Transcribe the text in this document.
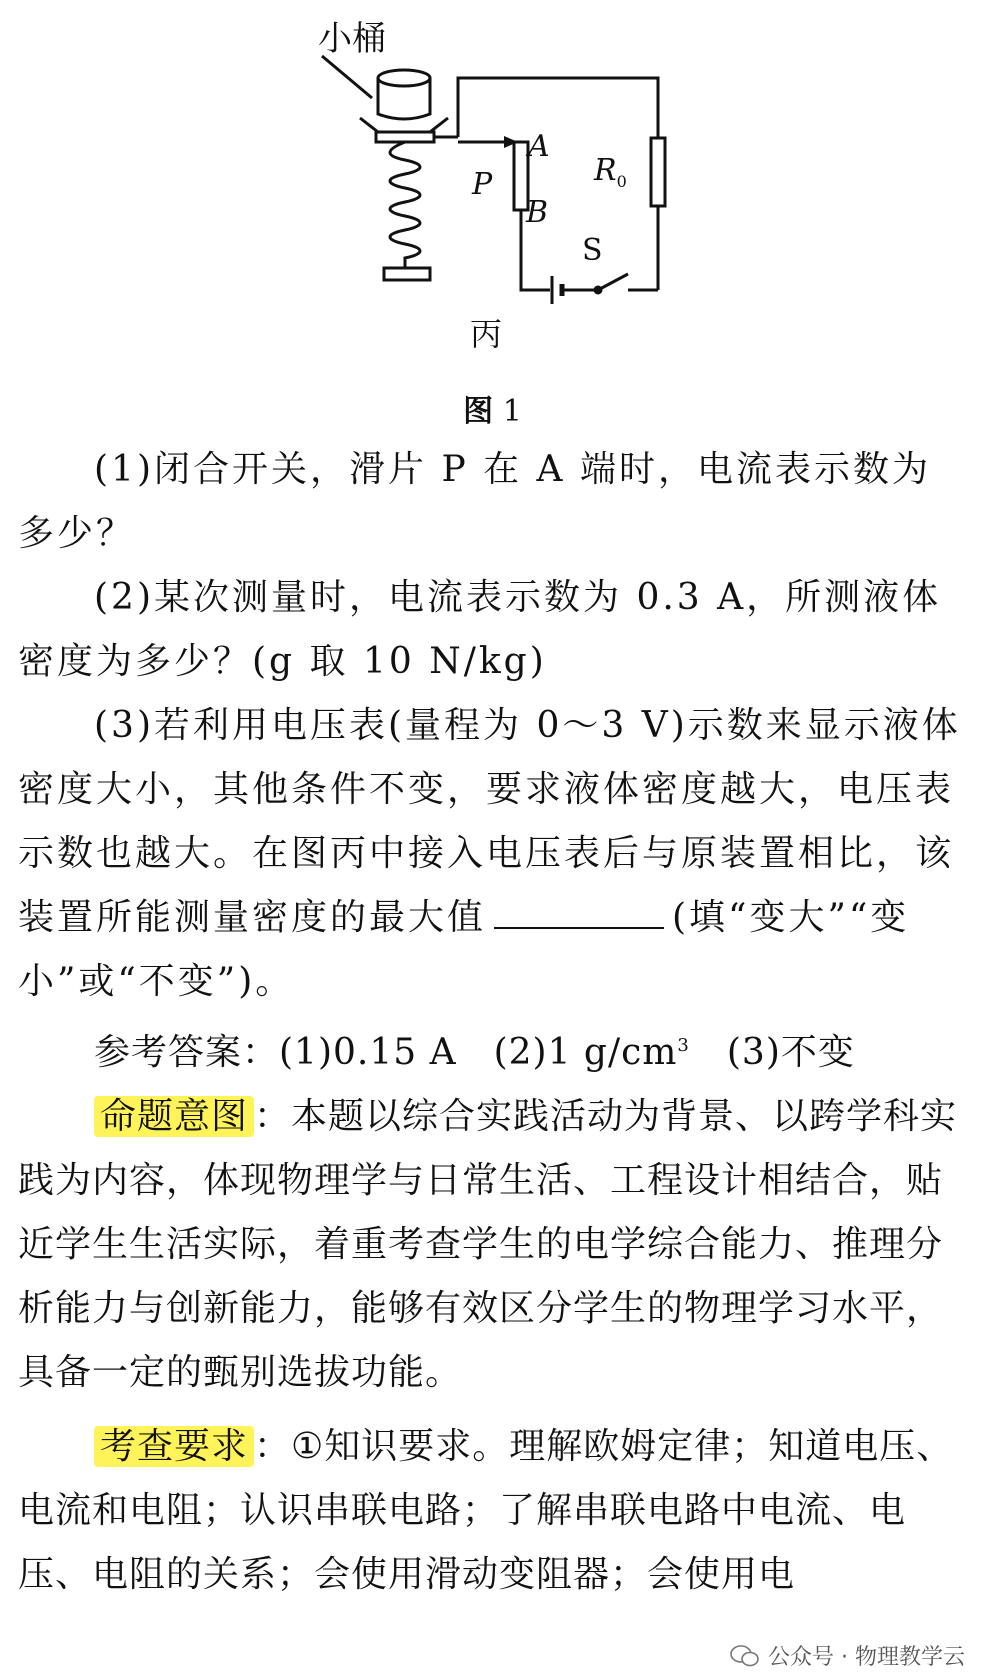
小桶
A
P
B
$R_0$
S
丙
图 1

(1)闭合开关，滑片 P 在 A 端时，电流表示数为多少？

(2)某次测量时，电流表示数为 0.3 A，所测液体密度为多少？(g 取 10 N/kg)

(3)若利用电压表(量程为 0～3 V)示数来显示液体密度大小，其他条件不变，要求液体密度越大，电压表示数也越大。在图丙中接入电压表后与原装置相比，该装置所能测量密度的最大值	(填“变大”“变小”或“不变”)。

参考答案：(1)0.15 A　(2)1 $g/cm^3$　(3)不变

命题意图 ：本题以综合实践活动为背景、以跨学科实践为内容，体现物理学与日常生活、工程设计相结合，贴近学生生活实际，着重考查学生的电学综合能力、推理分析能力与创新能力，能够有效区分学生的物理学习水平，具备一定的甄别选拔功能。

考查要求 ：①知识要求。理解欧姆定律；知道电压、电流和电阻；认识串联电路；了解串联电路中电流、电压、电阻的关系；会使用滑动变阻器；会使用电

公众号 · 物理教学云
